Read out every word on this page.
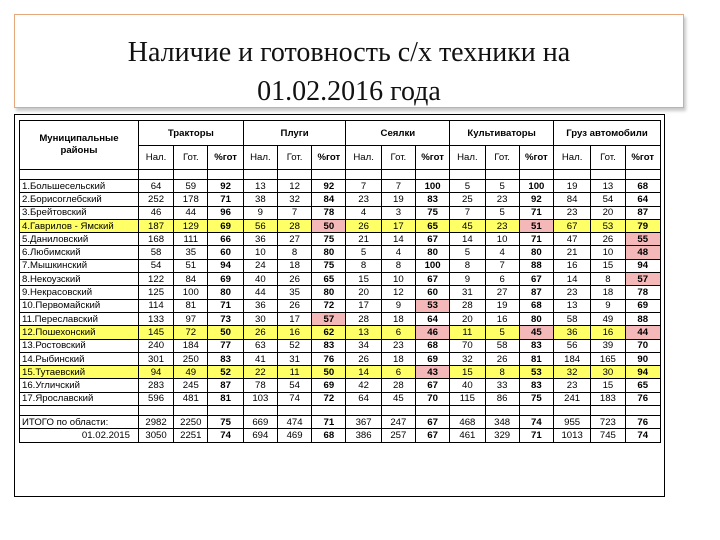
Наличие и готовность с/х техники на
01.02.2016 года
Муниципальные районы	Тракторы			Плуги			Сеялки			Культиваторы			Груз автомобили		
	Нал.	Гот.	%гот	Нал.	Гот.	%гот	Нал.	Гот.	%гот	Нал.	Гот.	%гот	Нал.	Гот.	%гот

1.Большесельский	64	59	92	13	12	92	7	7	100	5	5	100	19	13	68
2.Борисоглебский	252	178	71	38	32	84	23	19	83	25	23	92	84	54	64
3.Брейтовский	46	44	96	9	7	78	4	3	75	7	5	71	23	20	87
4.Гаврилов - Ямский	187	129	69	56	28	50	26	17	65	45	23	51	67	53	79
5.Даниловский	168	111	66	36	27	75	21	14	67	14	10	71	47	26	55
6.Любимский	58	35	60	10	8	80	5	4	80	5	4	80	21	10	48
7.Мышкинский	54	51	94	24	18	75	8	8	100	8	7	88	16	15	94
8.Некоузский	122	84	69	40	26	65	15	10	67	9	6	67	14	8	57
9.Некрасовский	125	100	80	44	35	80	20	12	60	31	27	87	23	18	78
10.Первомайский	114	81	71	36	26	72	17	9	53	28	19	68	13	9	69
11.Переславский	133	97	73	30	17	57	28	18	64	20	16	80	58	49	88
12.Пошехонский	145	72	50	26	16	62	13	6	46	11	5	45	36	16	44
13.Ростовский	240	184	77	63	52	83	34	23	68	70	58	83	56	39	70
14.Рыбинский	301	250	83	41	31	76	26	18	69	32	26	81	184	165	90
15.Тутаевский	94	49	52	22	11	50	14	6	43	15	8	53	32	30	94
16.Угличский	283	245	87	78	54	69	42	28	67	40	33	83	23	15	65
17.Ярославский	596	481	81	103	74	72	64	45	70	115	86	75	241	183	76

ИТОГО по области:	2982	2250	75	669	474	71	367	247	67	468	348	74	955	723	76
01.02.2015	3050	2251	74	694	469	68	386	257	67	461	329	71	1013	745	74
